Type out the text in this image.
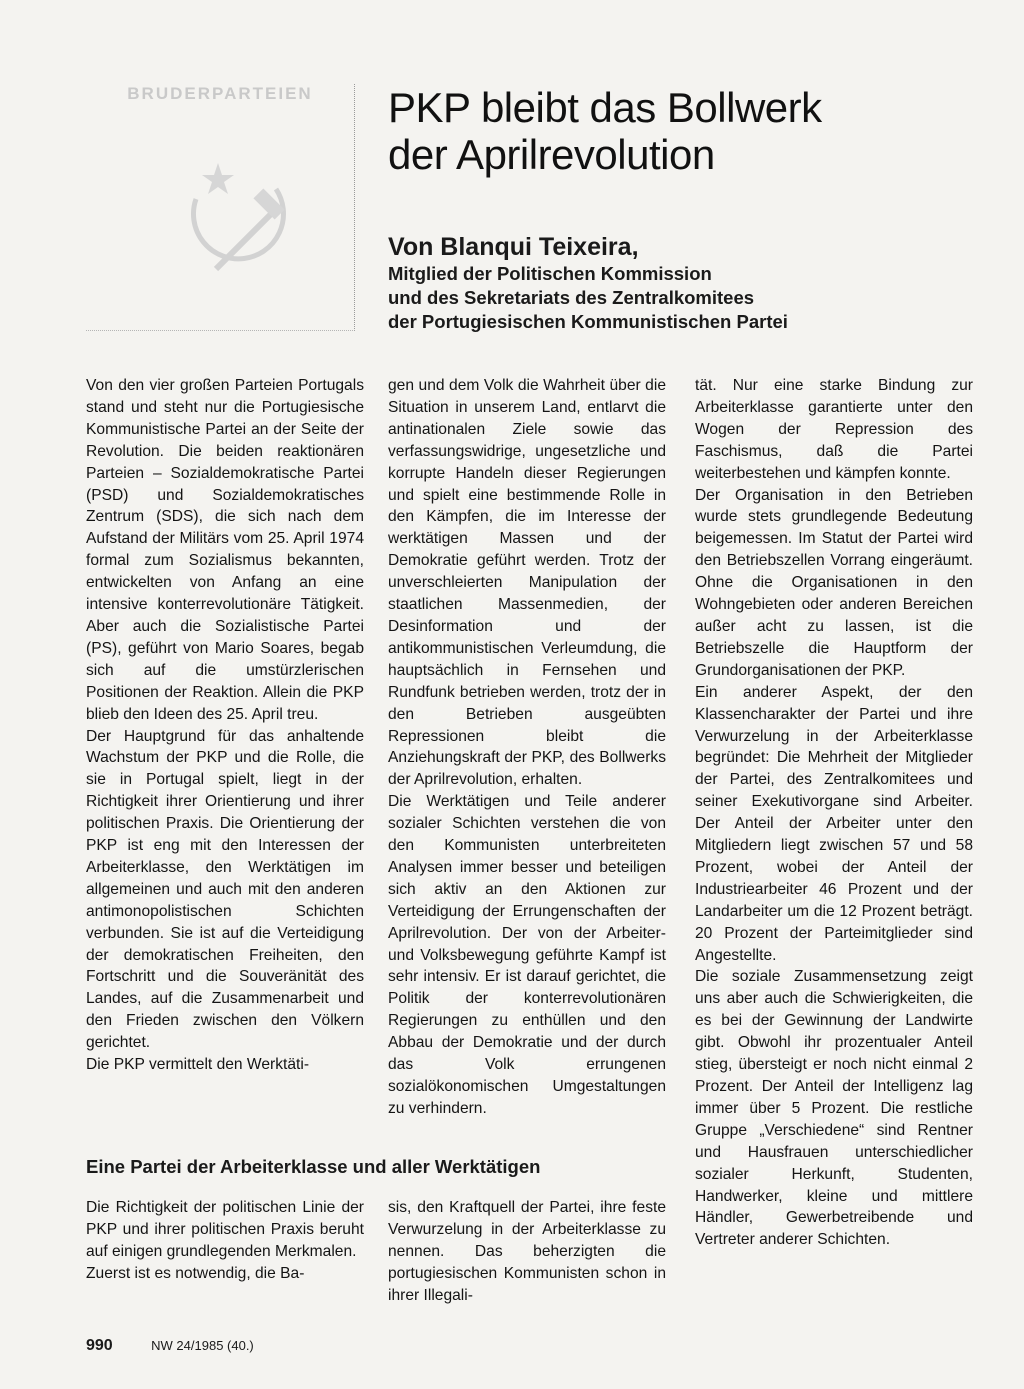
BRUDERPARTEIEN	PKP bleibt das Bollwerk
der Aprilrevolution
Von Blanqui Teixeira,
Mitglied der Politischen Kommission
und des Sekretariats des Zentralkomitees
der Portugiesischen Kommunistischen Partei

Von den vier großen Parteien Portugals stand und steht nur die Portugiesische Kommunistische Partei an der Seite der Revolution. Die beiden reaktionären Parteien – Sozialdemokratische Partei (PSD) und Sozialdemokratisches Zentrum (SDS), die sich nach dem Aufstand der Militärs vom 25. April 1974 formal zum Sozialismus bekannten, entwickelten von Anfang an eine intensive konterrevolutionäre Tätigkeit. Aber auch die Sozialistische Partei (PS), geführt von Mario Soares, begab sich auf die umstürzlerischen Positionen der Reaktion. Allein die PKP blieb den Ideen des 25. April treu.

Der Hauptgrund für das anhaltende Wachstum der PKP und die Rolle, die sie in Portugal spielt, liegt in der Richtigkeit ihrer Orientierung und ihrer politischen Praxis. Die Orientierung der PKP ist eng mit den Interessen der Arbeiterklasse, den Werktätigen im allgemeinen und auch mit den anderen antimonopolistischen Schichten verbunden. Sie ist auf die Verteidigung der demokratischen Freiheiten, den Fortschritt und die Souveränität des Landes, auf die Zusammenarbeit und den Frieden zwischen den Völkern gerichtet.

Die PKP vermittelt den Werktäti-

gen und dem Volk die Wahrheit über die Situation in unserem Land, entlarvt die antinationalen Ziele sowie das verfassungswidrige, ungesetzliche und korrupte Handeln dieser Regierungen und spielt eine bestimmende Rolle in den Kämpfen, die im Interesse der werktätigen Massen und der Demokratie geführt werden. Trotz der unverschleierten Manipulation der staatlichen Massenmedien, der Desinformation und der antikommunistischen Verleumdung, die hauptsächlich in Fernsehen und Rundfunk betrieben werden, trotz der in den Betrieben ausgeübten Repressionen bleibt die Anziehungskraft der PKP, des Bollwerks der Aprilrevolution, erhalten.

Die Werktätigen und Teile anderer sozialer Schichten verstehen die von den Kommunisten unterbreiteten Analysen immer besser und beteiligen sich aktiv an den Aktionen zur Verteidigung der Errungenschaften der Aprilrevolution. Der von der Arbeiter- und Volksbewegung geführte Kampf ist sehr intensiv. Er ist darauf gerichtet, die Politik der konterrevolutionären Regierungen zu enthüllen und den Abbau der Demokratie und der durch das Volk errungenen sozialökonomischen Umgestaltungen zu verhindern.

tät. Nur eine starke Bindung zur Arbeiterklasse garantierte unter den Wogen der Repression des Faschismus, daß die Partei weiterbestehen und kämpfen konnte.

Der Organisation in den Betrieben wurde stets grundlegende Bedeutung beigemessen. Im Statut der Partei wird den Betriebszellen Vorrang eingeräumt. Ohne die Organisationen in den Wohngebieten oder anderen Bereichen außer acht zu lassen, ist die Betriebszelle die Hauptform der Grundorganisationen der PKP.

Ein anderer Aspekt, der den Klassencharakter der Partei und ihre Verwurzelung in der Arbeiterklasse begründet: Die Mehrheit der Mitglieder der Partei, des Zentralkomitees und seiner Exekutivorgane sind Arbeiter. Der Anteil der Arbeiter unter den Mitgliedern liegt zwischen 57 und 58 Prozent, wobei der Anteil der Industriearbeiter 46 Prozent und der Landarbeiter um die 12 Prozent beträgt. 20 Prozent der Parteimitglieder sind Angestellte.

Die soziale Zusammensetzung zeigt uns aber auch die Schwierigkeiten, die es bei der Gewinnung der Landwirte gibt. Obwohl ihr prozentualer Anteil stieg, übersteigt er noch nicht einmal 2 Prozent. Der Anteil der Intelligenz lag immer über 5 Prozent. Die restliche Gruppe „Verschiedene“ sind Rentner und Hausfrauen unterschiedlicher sozialer Herkunft, Studenten, Handwerker, kleine und mittlere Händler, Gewerbetreibende und Vertreter anderer Schichten.

Eine Partei der Arbeiterklasse und aller Werktätigen

Die Richtigkeit der politischen Linie der PKP und ihrer politischen Praxis beruht auf einigen grundlegenden Merkmalen.

Zuerst ist es notwendig, die Ba-

sis, den Kraftquell der Partei, ihre feste Verwurzelung in der Arbeiterklasse zu nennen. Das beherzigten die portugiesischen Kommunisten schon in ihrer Illegali-

990	NW 24/1985 (40.)
